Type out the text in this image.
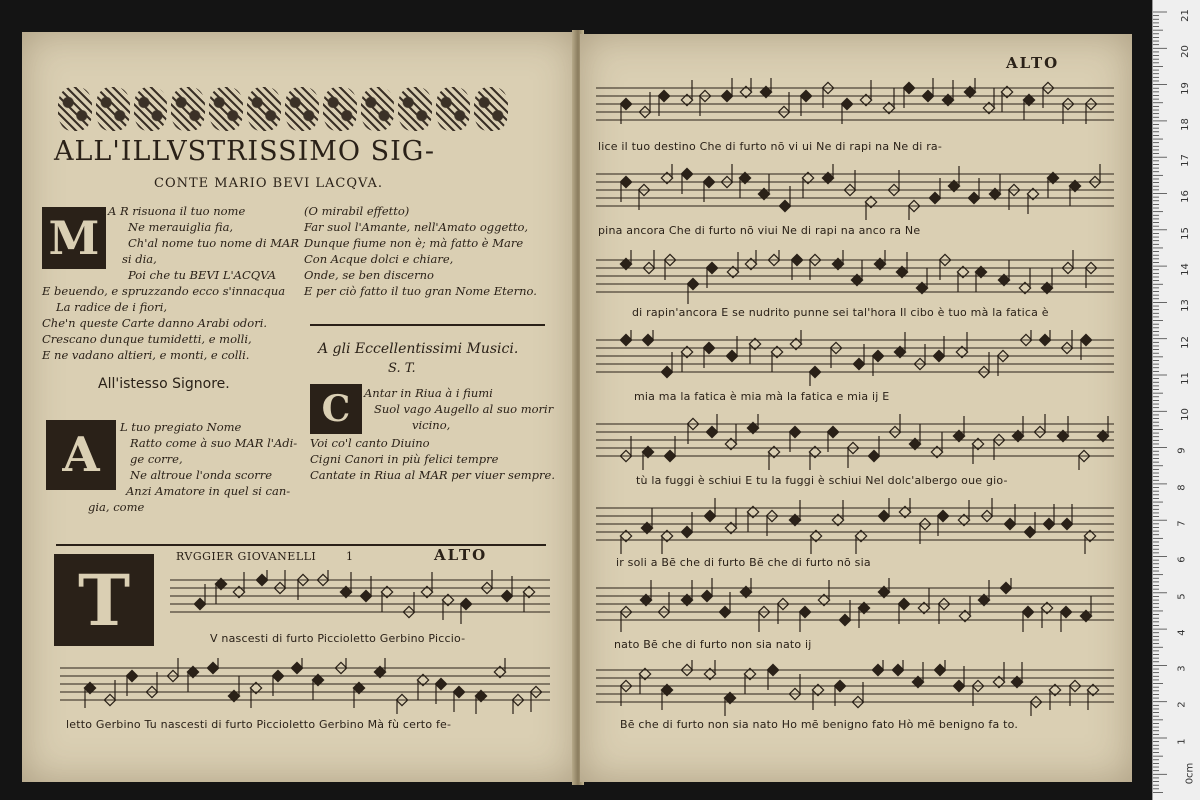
ALL'ILLVSTRISSIMO SIG-
CONTE MARIO BEVI LACQVA.
M A R risuona il tuo nome
Ne merauiglia fia,
Ch'al nome tuo nome di MAR
si dia,
Poi che tu BEVI L'ACQVA
E beuendo, e spruzzando ecco s'innacqua
La radice de i fiori,
Che'n queste Carte danno Arabi odori.
Crescano dunque tumidetti, e molli,
E ne vadano altieri, e monti, e colli.
(O mirabil effetto)
Far suol l'Amante, nell'Amato oggetto,
Dunque fiume non è; mà fatto è Mare
Con Acque dolci e chiare,
Onde, se ben discerno
E per ciò fatto il tuo gran Nome Eterno.
All'istesso Signore.
A	L tuo pregiato Nome
Ratto come à suo MAR l'Adi-
ge corre,
Ne altroue l'onda scorre
Anzi Amatore in quel si can-
gia, come
A gli Eccellentissimi Musici.
S. T.
C	Antar in Riua à i fiumi
Suol vago Augello al suo morir
vicino,
Voi co'l canto Diuino
Cigni Canori in più felici tempre
Cantate in Riua al MAR per viuer sempre.
RVGGIER GIOVANELLI	1	ALTO
T	V nascesti di furto Piccioletto Gerbino Piccio-
letto Gerbino Tu nascesti di furto Piccioletto Gerbino Mà fù certo fe-
ALTO
lice il tuo destino Che di furto nō vi ui Ne di rapi na Ne di ra-
pina ancora Che di furto nō viui Ne di rapi na anco ra Ne
di rapin'ancora E se nudrito punne sei tal'hora Il cibo è tuo mà la fatica è
mia ma la fatica è mia mà la fatica e mia ij E
tù la fuggi è schiui E tu la fuggi è schiui Nel dolc'albergo oue gio-
ir soli a Bē che di furto Bē che di furto nō sia
nato Bē che di furto non sia nato ij
Bē che di furto non sia nato Ho mē benigno fato Hò mē benigno fa to.
21
20
19
18
17
16
15
14
13
12
11
10
9
8
7
6
5
4
3
2
1
0cm
